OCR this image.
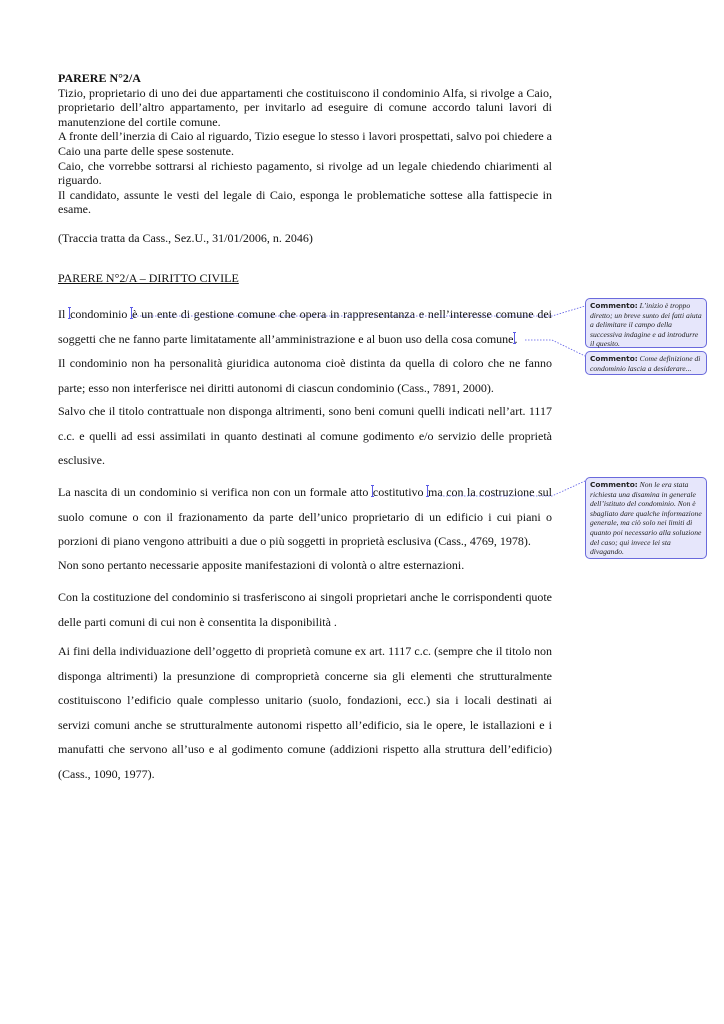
PARERE N°2/A

Tizio, proprietario di uno dei due appartamenti che costituiscono il condominio Alfa, si rivolge a Caio, proprietario dell’altro appartamento, per invitarlo ad eseguire di comune accordo taluni lavori di manutenzione del cortile comune.

A fronte dell’inerzia di Caio al riguardo, Tizio esegue lo stesso i lavori prospettati, salvo poi chiedere a Caio una parte delle spese sostenute.

Caio, che vorrebbe sottrarsi al richiesto pagamento, si rivolge ad un legale chiedendo chiarimenti al riguardo.

Il candidato, assunte le vesti del legale di Caio, esponga le problematiche sottese alla fattispecie in esame.

(Traccia tratta da Cass., Sez.U., 31/01/2006, n. 2046)

PARERE N°2/A – DIRITTO CIVILE

Il condominio è un ente di gestione comune che opera in rappresentanza e nell’interesse comune dei soggetti che ne fanno parte limitatamente all’amministrazione e al buon uso della cosa comune.

Il condominio non ha personalità giuridica autonoma cioè distinta da quella di coloro che ne fanno parte; esso non interferisce nei diritti autonomi di ciascun condominio (Cass., 7891, 2000).

Salvo che il titolo contrattuale non disponga altrimenti, sono beni comuni quelli indicati nell’art. 1117 c.c. e quelli ad essi assimilati in quanto destinati al comune godimento e/o servizio delle proprietà esclusive.

La nascita di un condominio si verifica non con un formale atto costitutivo ma con la costruzione sul suolo comune o con il frazionamento da parte dell’unico proprietario di un edificio i cui piani o porzioni di piano vengono attribuiti a due o più soggetti in proprietà esclusiva (Cass., 4769, 1978).

Non sono pertanto necessarie apposite manifestazioni di volontà o altre esternazioni.

Con la costituzione del condominio si trasferiscono ai singoli proprietari anche le corrispondenti quote delle parti comuni di cui non è consentita la disponibilità .

Ai fini della individuazione dell’oggetto di proprietà comune ex art. 1117 c.c. (sempre che il titolo non disponga altrimenti) la presunzione di comproprietà concerne sia gli elementi che strutturalmente costituiscono l’edificio quale complesso unitario (suolo, fondazioni, ecc.) sia i locali destinati ai servizi comuni anche se strutturalmente autonomi rispetto all’edificio, sia le opere, le istallazioni e i manufatti che servono all’uso e al godimento comune (addizioni rispetto alla struttura dell’edificio) (Cass., 1090, 1977).

Commento: L’inizio è troppo diretto; un breve sunto dei fatti aiuta a delimitare il campo della successiva indagine e ad introdurre il quesito.
Commento: Come definizione di condominio lascia a desiderare...
Commento: Non le era stata richiesta una disamina in generale dell’istituto del condominio. Non è sbagliato dare qualche informazione generale, ma ciò solo nei limiti di quanto poi necessario alla soluzione del caso; qui invece lei sta divagando.
